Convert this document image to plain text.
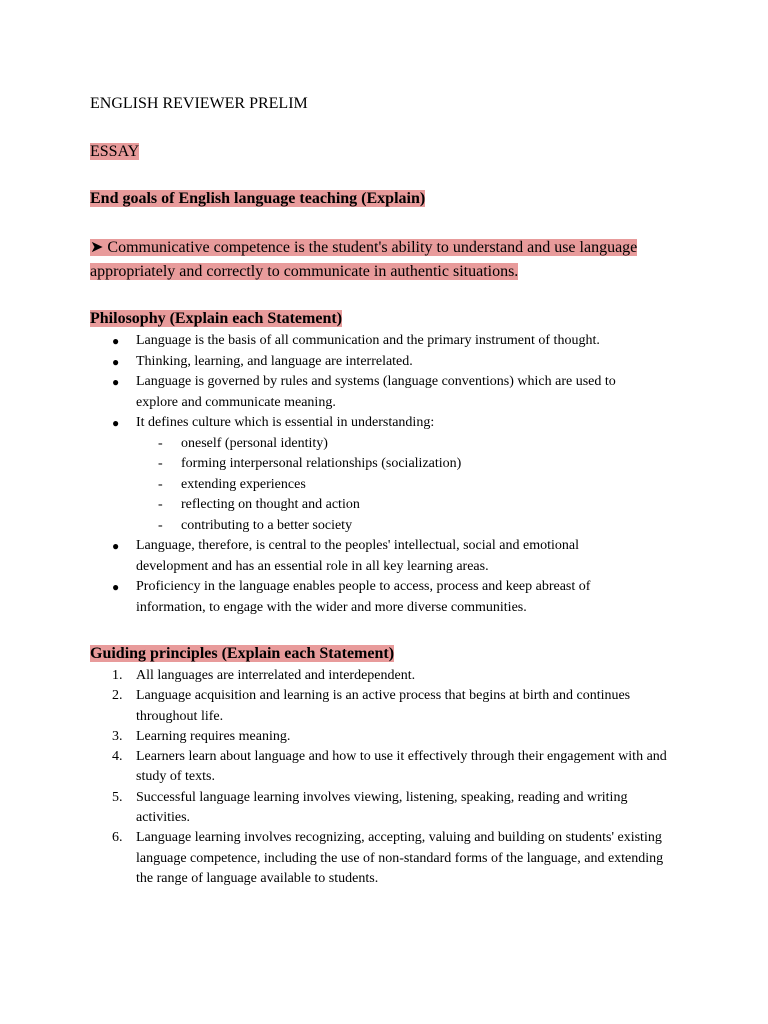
ENGLISH REVIEWER PRELIM
ESSAY
End goals of English language teaching (Explain)
➤ Communicative competence is the student's ability to understand and use language appropriately and correctly to communicate in authentic situations.
Philosophy (Explain each Statement)
● Language is the basis of all communication and the primary instrument of thought.
● Thinking, learning, and language are interrelated.
● Language is governed by rules and systems (language conventions) which are used to explore and communicate meaning.
● It defines culture which is essential in understanding:
- oneself (personal identity)
- forming interpersonal relationships (socialization)
- extending experiences
- reflecting on thought and action
- contributing to a better society
● Language, therefore, is central to the peoples' intellectual, social and emotional development and has an essential role in all key learning areas.
● Proficiency in the language enables people to access, process and keep abreast of information, to engage with the wider and more diverse communities.
Guiding principles (Explain each Statement)
1. All languages are interrelated and interdependent.
2. Language acquisition and learning is an active process that begins at birth and continues throughout life.
3. Learning requires meaning.
4. Learners learn about language and how to use it effectively through their engagement with and study of texts.
5. Successful language learning involves viewing, listening, speaking, reading and writing activities.
6. Language learning involves recognizing, accepting, valuing and building on students' existing language competence, including the use of non-standard forms of the language, and extending the range of language available to students.
